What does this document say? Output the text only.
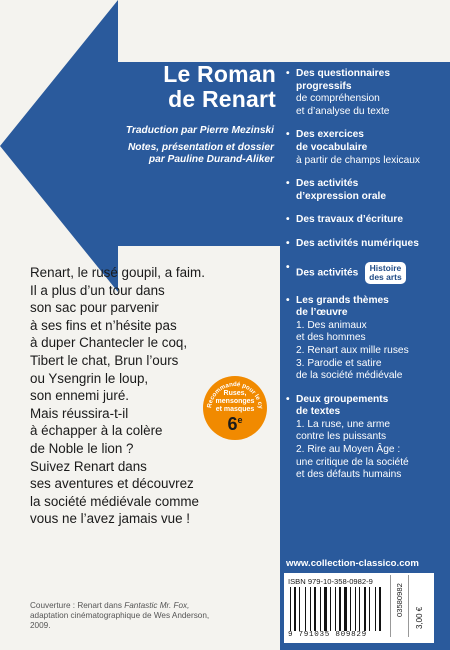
Le Roman
de Renart

Traduction par Pierre Mezinski

Notes, présentation et dossier
par Pauline Durand-Aliker

• Des questionnaires
progressifs
de compréhension
et d’analyse du texte
• Des exercices
de vocabulaire
à partir de champs lexicaux
• Des activités
d’expression orale
• Des travaux d’écriture
• Des activités numériques
•
Des activités Histoire
des arts
• Les grands thèmes
de l’œuvre
1. Des animaux
et des hommes
2. Renart aux mille ruses
3. Parodie et satire
de la société médiévale
• Deux groupements
de textes
1. La ruse, une arme
contre les puissants
2. Rire au Moyen Âge :
une critique de la société
et des défauts humains
Renart, le rusé goupil, a faim.
Il a plus d’un tour dans
son sac pour parvenir
à ses fins et n’hésite pas
à duper Chantecler le coq,
Tibert le chat, Brun l’ours
ou Ysengrin le loup,
son ennemi juré.
Mais réussira-t-il
à échapper à la colère
de Noble le lion ?
Suivez Renart dans
ses aventures et découvrez
la société médiévale comme
vous ne l’avez jamais vue !
Recommandé pour le cy
Ruses,
mensonges
et masques
6e
www.collection-classico.com
ISBN 979-10-358-0982-9
9 791035 809829
03580982
3,00 €
Couverture : Renart dans Fantastic Mr. Fox,
adaptation cinématographique de Wes Anderson,
2009.
